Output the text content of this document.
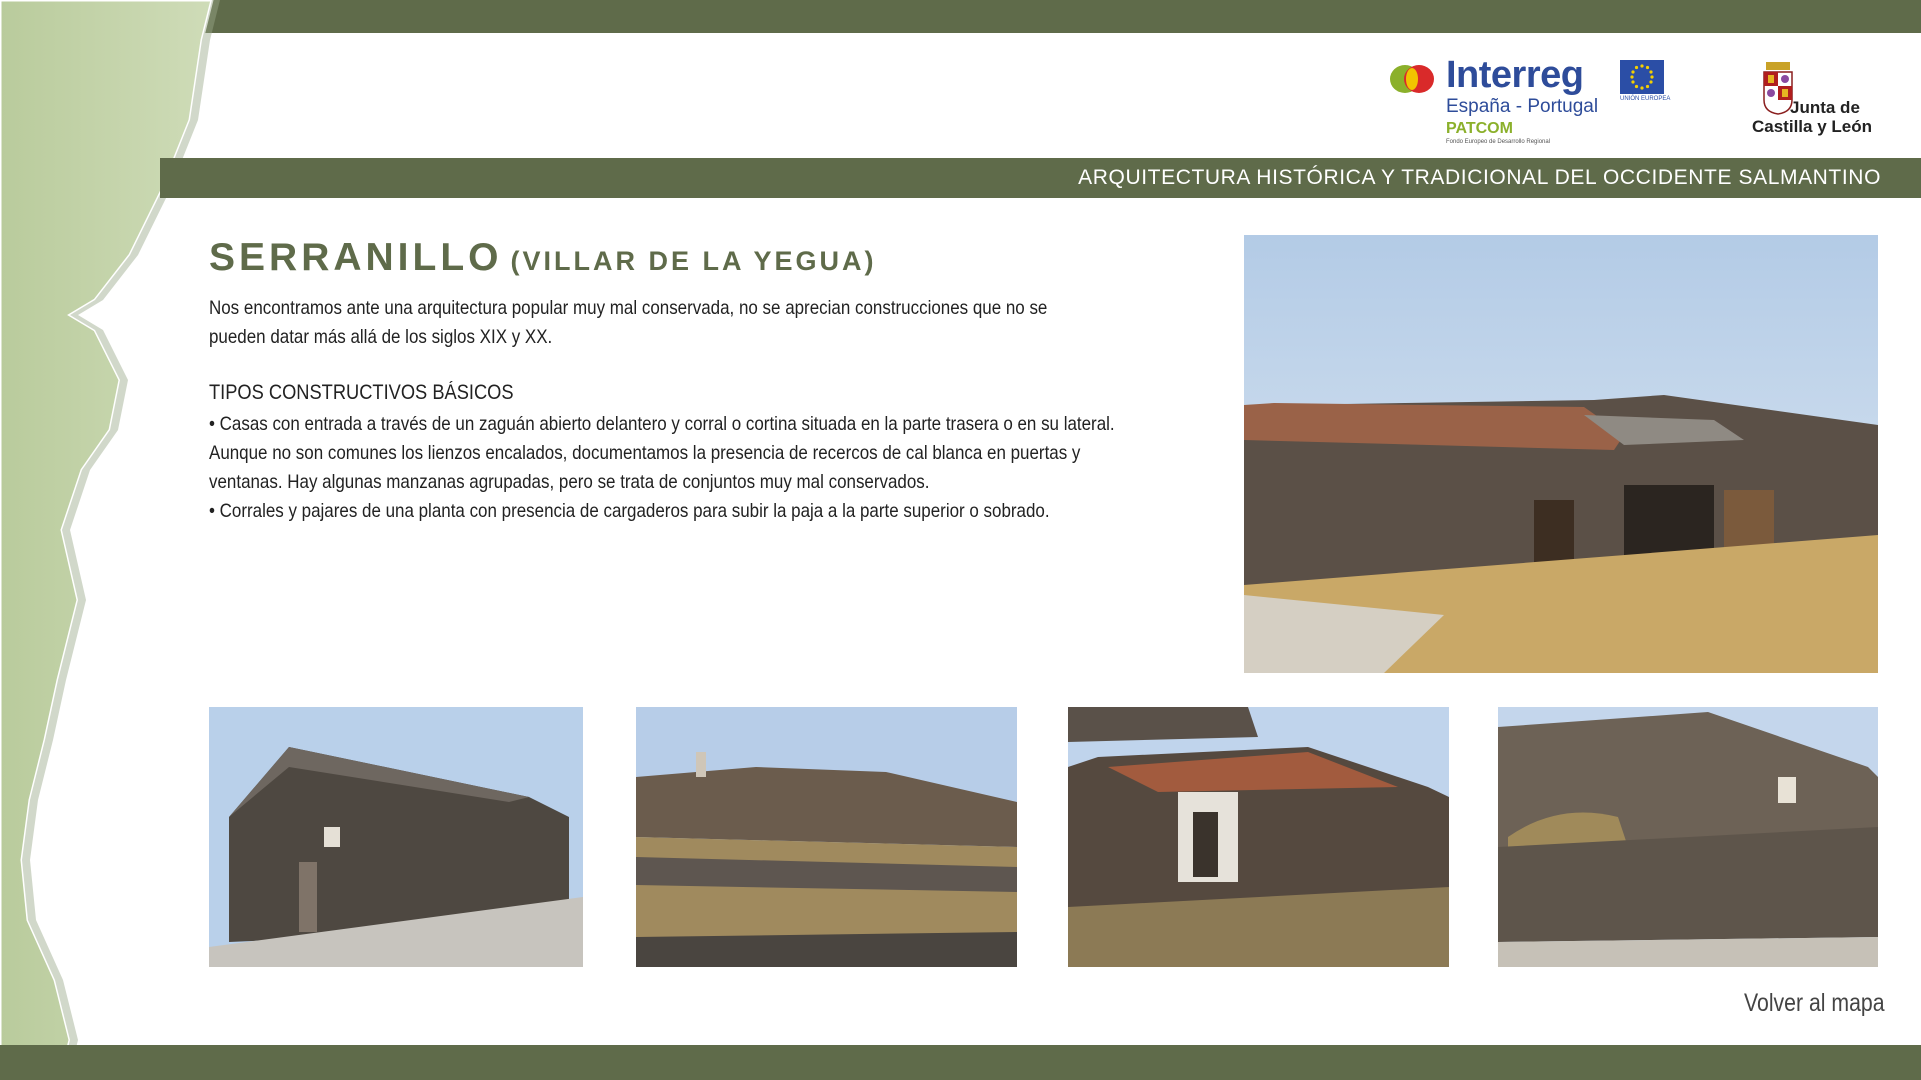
ARQUITECTURA HISTÓRICA Y TRADICIONAL DEL OCCIDENTE SALMANTINO
Interreg
España - Portugal
PATCOM
Fondo Europeo de Desarrollo Regional
UNIÓN EUROPEA	Junta de
Castilla y León
SERRANILLO (VILLAR DE LA YEGUA)
Nos encontramos ante una arquitectura popular muy mal conservada, no se aprecian construcciones que no se pueden datar más allá de los siglos XIX y XX.
TIPOS CONSTRUCTIVOS BÁSICOS

• Casas con entrada a través de un zaguán abierto delantero y corral o cortina situada en la parte trasera o en su lateral. Aunque no son comunes los lienzos encalados, documentamos la presencia de recercos de cal blanca en puertas y ventanas. Hay algunas manzanas agrupadas, pero se trata de conjuntos muy mal conservados.

• Corrales y pajares de una planta con presencia de cargaderos para subir la paja a la parte superior o sobrado.

Volver al mapa
